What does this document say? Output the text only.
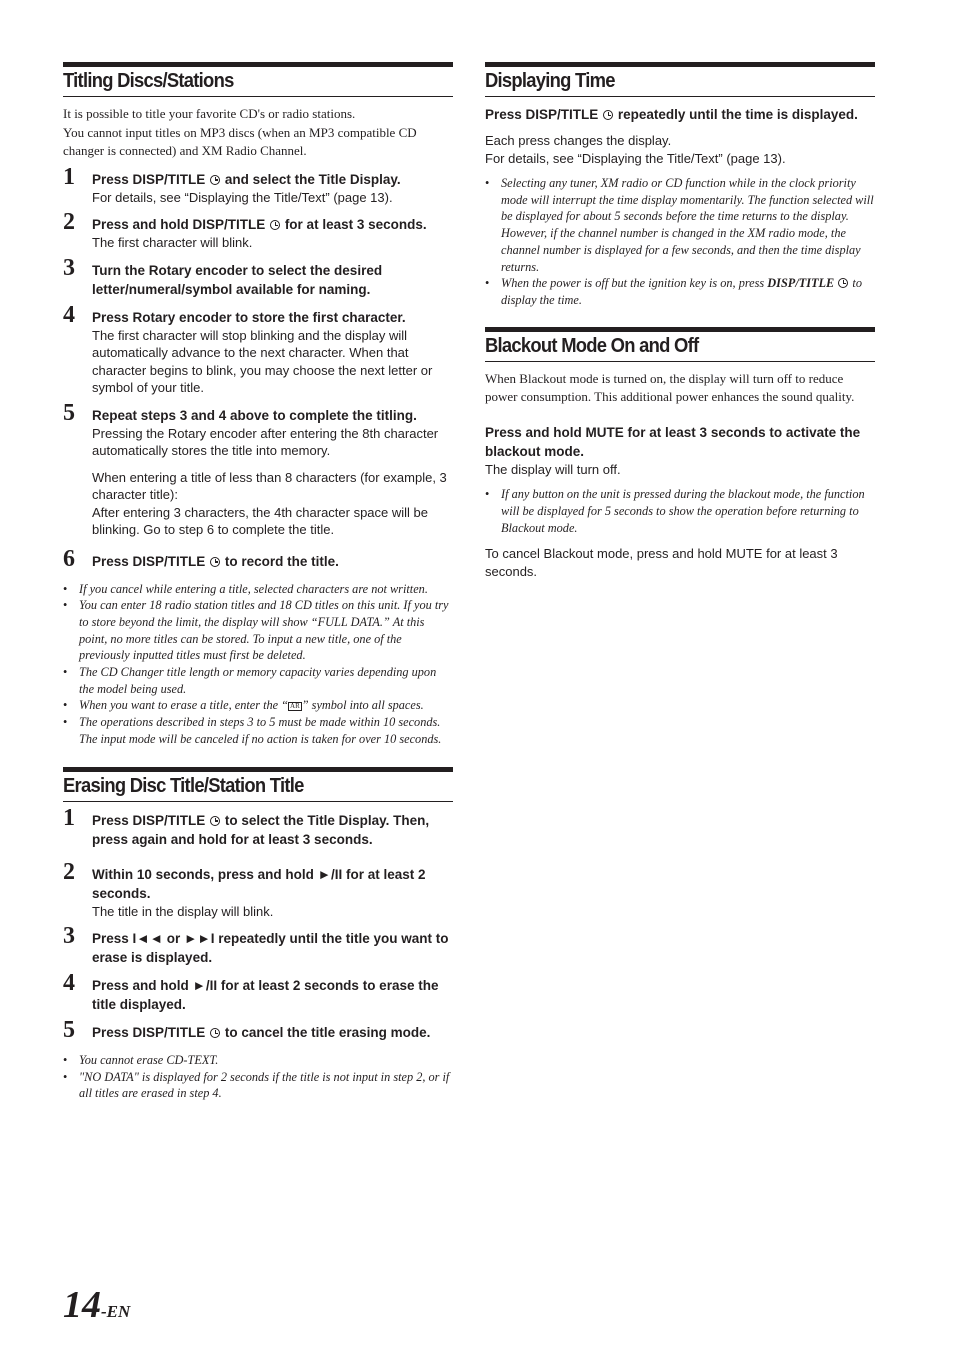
Titling Discs/Stations

It is possible to title your favorite CD's or radio stations.

You cannot input titles on MP3 discs (when an MP3 compatible CD changer is connected) and XM Radio Channel.

1 Press DISP/TITLE  and select the Title Display.

For details, see “Displaying the Title/Text” (page 13).

2 Press and hold DISP/TITLE  for at least 3 seconds.

The first character will blink.

3 Turn the Rotary encoder to select the desired letter/numeral/symbol available for naming.

4 Press Rotary encoder to store the first character.

The first character will stop blinking and the display will automatically advance to the next character. When that character begins to blink, you may choose the next letter or symbol of your title.

5 Repeat steps 3 and 4 above to complete the titling.

Pressing the Rotary encoder after entering the 8th character automatically stores the title into memory.

When entering a title of less than 8 characters (for example, 3 character title):

After entering 3 characters, the 4th character space will be blinking. Go to step 6 to complete the title.

6 Press DISP/TITLE  to record the title.

• If you cancel while entering a title, selected characters are not written.
• You can enter 18 radio station titles and 18 CD titles on this unit. If you try to store beyond the limit, the display will show “FULL DATA.” At this point, no more titles can be stored. To input a new title, one of the previously inputted titles must first be deleted.
• The CD Changer title length or memory capacity varies depending upon the model being used.
• When you want to erase a title, enter the “ AR ” symbol into all spaces.
• The operations described in steps 3 to 5 must be made within 10 seconds. The input mode will be canceled if no action is taken for over 10 seconds.
Erasing Disc Title/Station Title
1 Press DISP/TITLE  to select the Title Display. Then, press again and hold for at least 3 seconds.

2 Within 10 seconds, press and hold ►/II for at least 2 seconds.

The title in the display will blink.

3 Press I◄◄ or ►►I repeatedly until the title you want to erase is displayed.

4 Press and hold ►/II for at least 2 seconds to erase the title displayed.

5 Press DISP/TITLE  to cancel the title erasing mode.

• You cannot erase CD-TEXT.
• "NO DATA" is displayed for 2 seconds if the title is not input in step 2, or if all titles are erased in step 4.
Displaying Time

Press DISP/TITLE  repeatedly until the time is displayed.

Each press changes the display.

For details, see “Displaying the Title/Text” (page 13).

• Selecting any tuner, XM radio or CD function while in the clock priority mode will interrupt the time display momentarily. The function selected will be displayed for about 5 seconds before the time returns to the display. However, if the channel number is changed in the XM radio mode, the channel number is displayed for a few seconds, and then the time display returns.
• When the power is off but the ignition key is on, press DISP/TITLE  to display the time.
Blackout Mode On and Off

When Blackout mode is turned on, the display will turn off to reduce power consumption. This additional power enhances the sound quality.

Press and hold MUTE for at least 3 seconds to activate the blackout mode.

The display will turn off.

• If any button on the unit is pressed during the blackout mode, the function will be displayed for 5 seconds to show the operation before returning to Blackout mode.

To cancel Blackout mode, press and hold MUTE for at least 3 seconds.

14-EN
